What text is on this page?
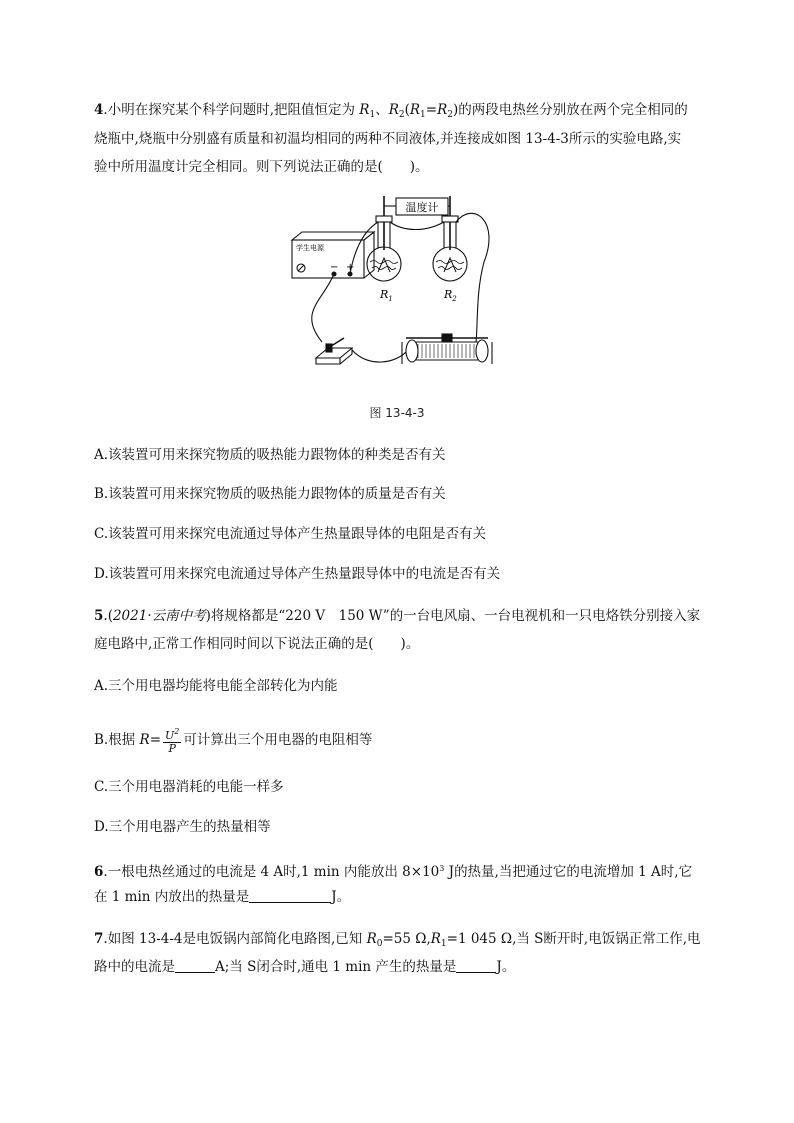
4.小明在探究某个科学问题时,把阻值恒定为 $R_1$、$R_2(R_1=R_2)$的两段电热丝分别放在两个完全相同的
烧瓶中,烧瓶中分别盛有质量和初温均相同的两种不同液体,并连接成如图 13-4-3所示的实验电路,实
验中所用温度计完全相同。则下列说法正确的是(　　)。
温度计
学生电源
− +
$R_1$	$R_2$
图 13-4-3
A.该装置可用来探究物质的吸热能力跟物体的种类是否有关
B.该装置可用来探究物质的吸热能力跟物体的质量是否有关
C.该装置可用来探究电流通过导体产生热量跟导体的电阻是否有关
D.该装置可用来探究电流通过导体产生热量跟导体中的电流是否有关
5.(2021·云南中考)将规格都是“220 V　150 W”的一台电风扇、一台电视机和一只电烙铁分别接入家
庭电路中,正常工作相同时间以下说法正确的是(　　)。
A.三个用电器均能将电能全部转化为内能
B.根据 $R= \frac{U^2}{P}$ 可计算出三个用电器的电阻相等
C.三个用电器消耗的电能一样多
D.三个用电器产生的热量相等
6.一根电热丝通过的电流是 4 A时,1 min 内能放出 $8\times 10^3$ J的热量,当把通过它的电流增加 1 A时,它
在 1 min 内放出的热量是	J。
7.如图 13-4-4是电饭锅内部简化电路图,已知 $R_0=55$ $\Omega,R_1=1$ 045 Ω,当 S断开时,电饭锅正常工作,电
路中的电流是	A;当 S闭合时,通电 1 min 产生的热量是	J。
